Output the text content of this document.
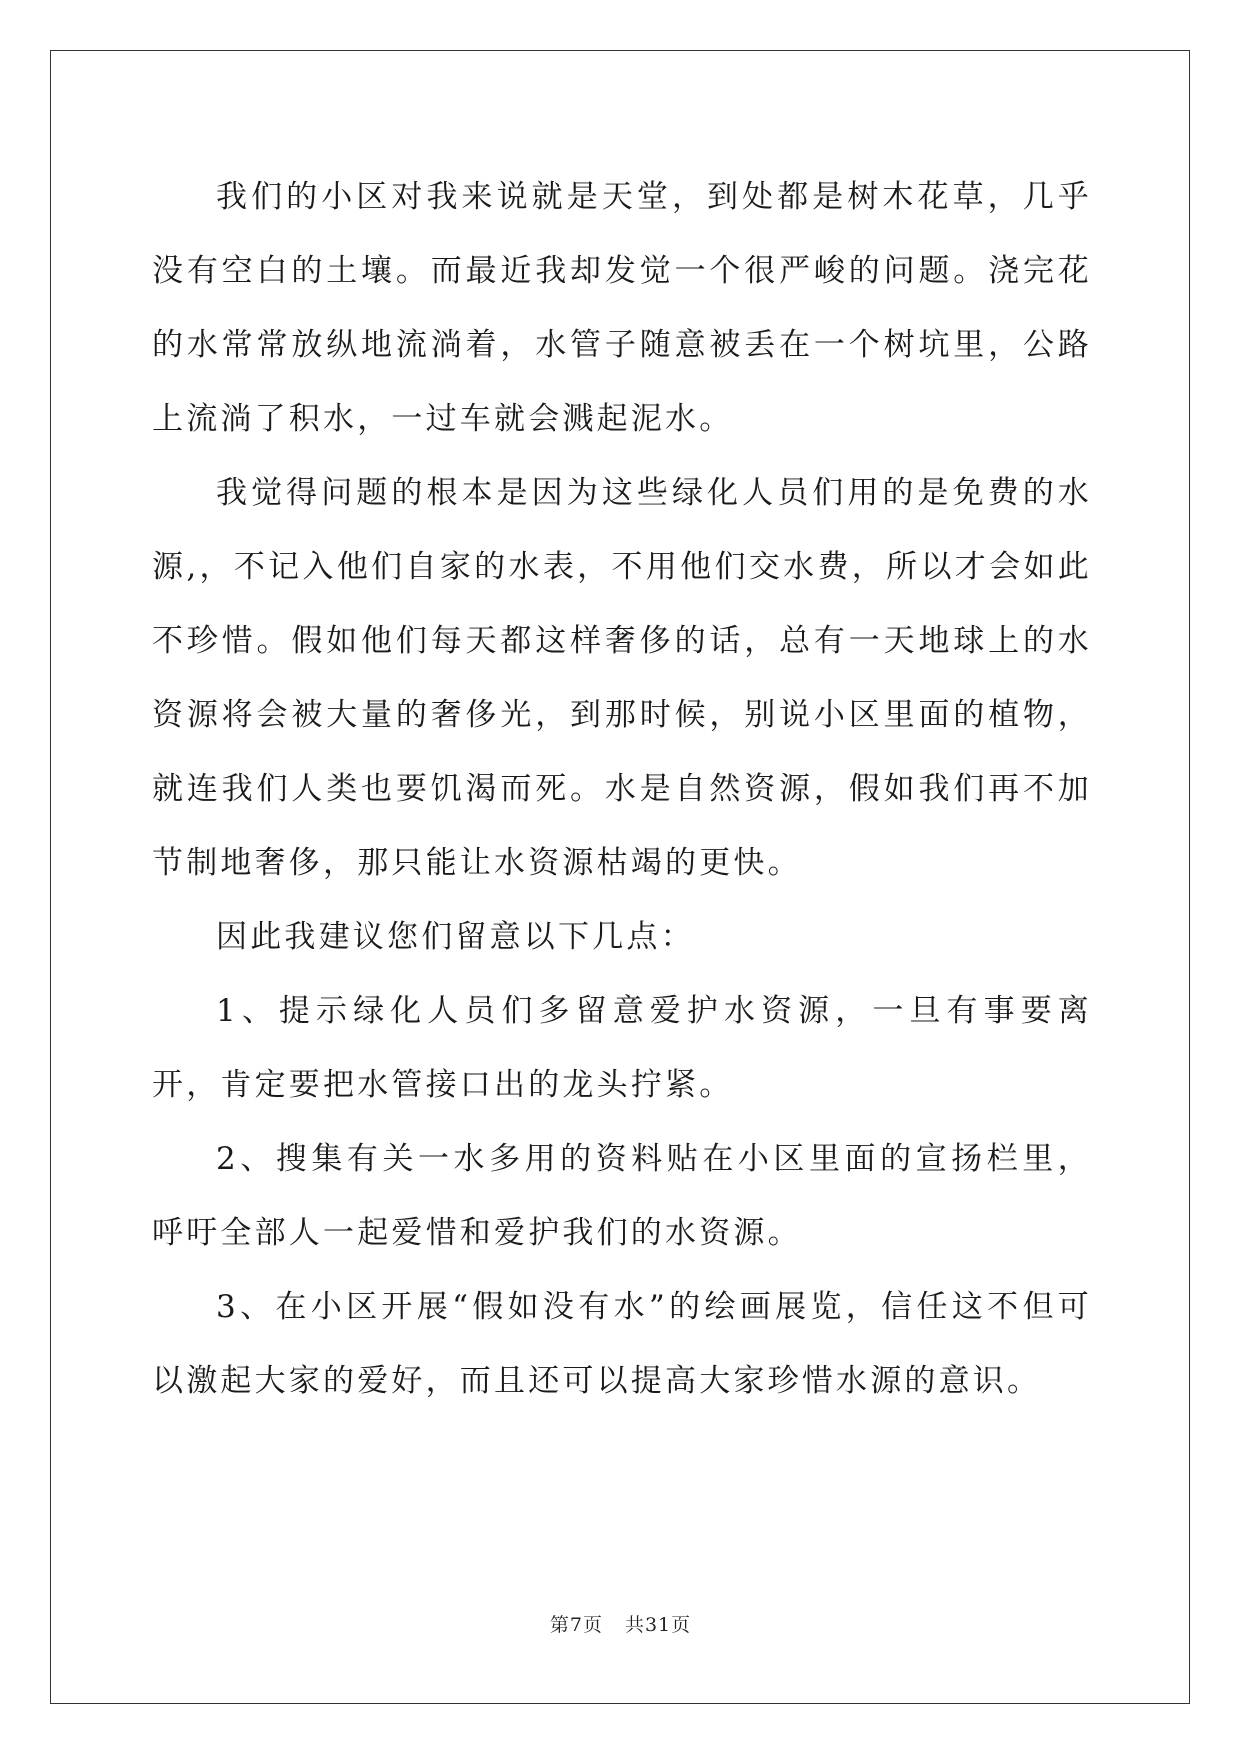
我们的小区对我来说就是天堂，到处都是树木花草，几乎没有空白的土壤。而最近我却发觉一个很严峻的问题。浇完花的水常常放纵地流淌着，水管子随意被丢在一个树坑里，公路上流淌了积水，一过车就会溅起泥水。

我觉得问题的根本是因为这些绿化人员们用的是免费的水源,，不记入他们自家的水表，不用他们交水费，所以才会如此不珍惜。假如他们每天都这样奢侈的话，总有一天地球上的水资源将会被大量的奢侈光，到那时候，别说小区里面的植物，就连我们人类也要饥渴而死。水是自然资源，假如我们再不加节制地奢侈，那只能让水资源枯竭的更快。

因此我建议您们留意以下几点：

1、提示绿化人员们多留意爱护水资源，一旦有事要离开，肯定要把水管接口出的龙头拧紧。

2、搜集有关一水多用的资料贴在小区里面的宣扬栏里，呼吁全部人一起爱惜和爱护我们的水资源。

3、在小区开展“假如没有水”的绘画展览，信任这不但可以激起大家的爱好，而且还可以提高大家珍惜水源的意识。

第7页 共31页
